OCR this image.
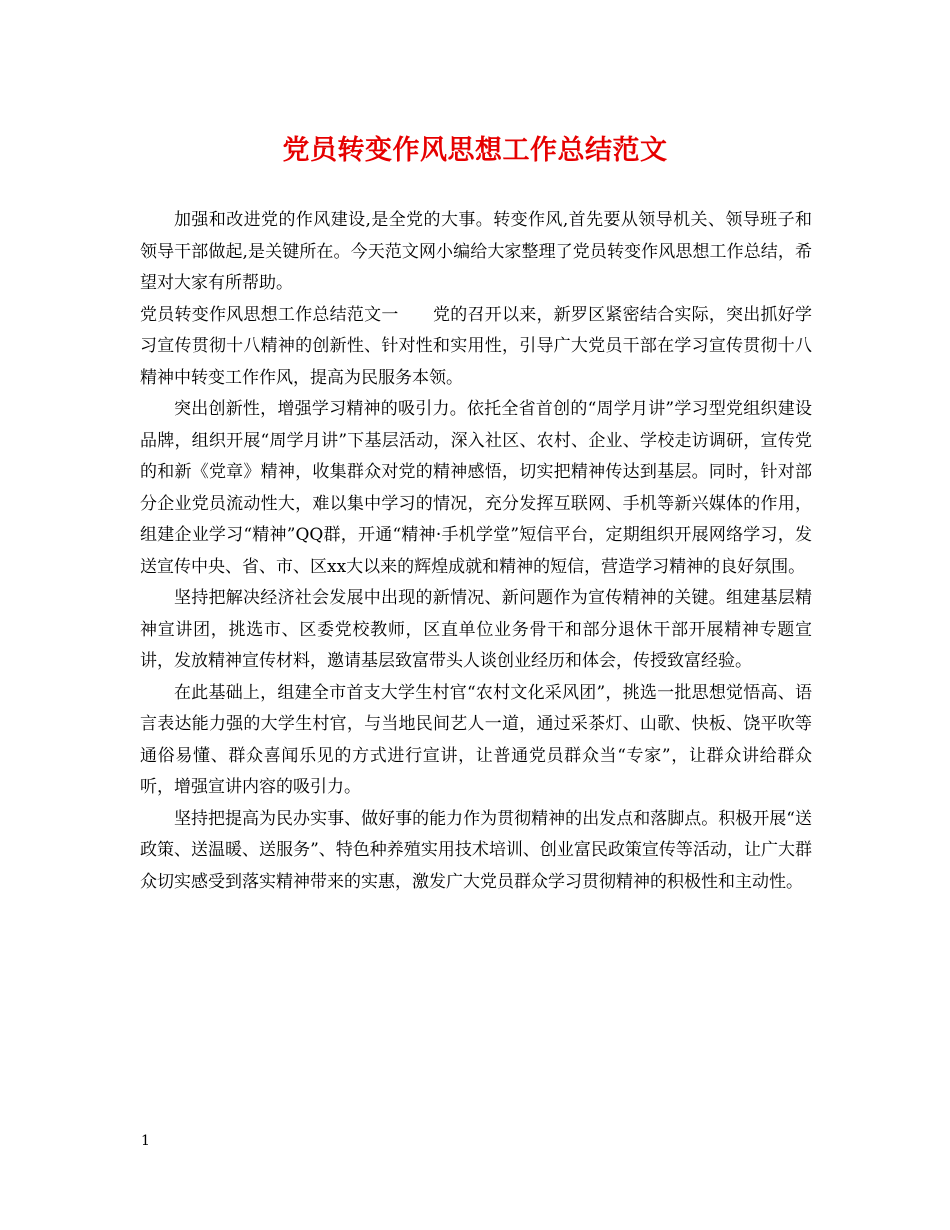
党员转变作风思想工作总结范文

加强和改进党的作风建设,是全党的大事。转变作风,首先要从领导机关、领导班子和领导干部做起,是关键所在。今天范文网小编给大家整理了党员转变作风思想工作总结，希望对大家有所帮助。

党员转变作风思想工作总结范文一　　党的召开以来，新罗区紧密结合实际，突出抓好学习宣传贯彻十八精神的创新性、针对性和实用性，引导广大党员干部在学习宣传贯彻十八精神中转变工作作风，提高为民服务本领。

突出创新性，增强学习精神的吸引力。依托全省首创的“周学月讲”学习型党组织建设品牌，组织开展“周学月讲”下基层活动，深入社区、农村、企业、学校走访调研，宣传党的和新《党章》精神，收集群众对党的精神感悟，切实把精神传达到基层。同时，针对部分企业党员流动性大，难以集中学习的情况，充分发挥互联网、手机等新兴媒体的作用，组建企业学习“精神”QQ群，开通“精神·手机学堂”短信平台，定期组织开展网络学习，发送宣传中央、省、市、区xx大以来的辉煌成就和精神的短信，营造学习精神的良好氛围。

坚持把解决经济社会发展中出现的新情况、新问题作为宣传精神的关键。组建基层精神宣讲团，挑选市、区委党校教师，区直单位业务骨干和部分退休干部开展精神专题宣讲，发放精神宣传材料，邀请基层致富带头人谈创业经历和体会，传授致富经验。

在此基础上，组建全市首支大学生村官“农村文化采风团”，挑选一批思想觉悟高、语言表达能力强的大学生村官，与当地民间艺人一道，通过采茶灯、山歌、快板、饶平吹等通俗易懂、群众喜闻乐见的方式进行宣讲，让普通党员群众当“专家”，让群众讲给群众听，增强宣讲内容的吸引力。

坚持把提高为民办实事、做好事的能力作为贯彻精神的出发点和落脚点。积极开展“送政策、送温暖、送服务”、特色种养殖实用技术培训、创业富民政策宣传等活动，让广大群众切实感受到落实精神带来的实惠，激发广大党员群众学习贯彻精神的积极性和主动性。

1
